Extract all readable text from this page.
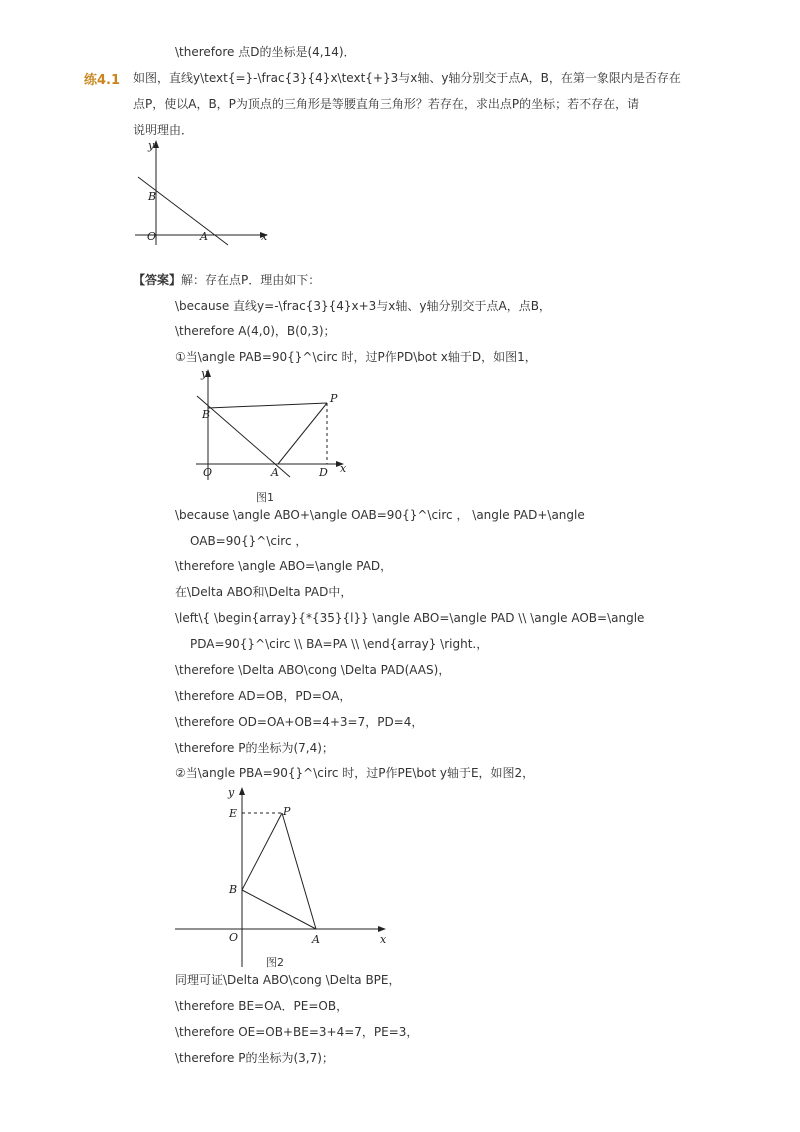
\therefore 点D的坐标是(4,14)．
练4.1 如图，直线y\text{=}-\frac{3}{4}x\text{+}3与x轴、y轴分别交于点A，B，在第一象限内是否存在
点P，使以A，B，P为顶点的三角形是等腰直角三角形？若存在，求出点P的坐标；若不存在，请
说明理由．
y
x
O
B
A
【答案】解：存在点P．理由如下：
\because 直线y=-\frac{3}{4}x+3与x轴、y轴分别交于点A，点B，
\therefore A(4,0)，B(0,3)；
①当\angle PAB=90{}^\circ 时，过P作PD\bot x轴于D，如图1，
y
x
O
B
A	D
P
图1
\because \angle ABO+\angle OAB=90{}^\circ ， \angle PAD+\angle
OAB=90{}^\circ ，
\therefore \angle ABO=\angle PAD，
在\Delta ABO和\Delta PAD中，
\left\{ \begin{array}{*{35}{l}} \angle ABO=\angle PAD \\ \angle AOB=\angle
PDA=90{}^\circ \\ BA=PA \\ \end{array} \right.，
\therefore \Delta ABO\cong \Delta PAD(AAS)，
\therefore AD=OB，PD=OA，
\therefore OD=OA+OB=4+3=7，PD=4，
\therefore P的坐标为(7,4)；
②当\angle PBA=90{}^\circ 时，过P作PE\bot y轴于E，如图2，
y
x
O
B
E
A
P
图2
同理可证\Delta ABO\cong \Delta BPE，
\therefore BE=OA．PE=OB，
\therefore OE=OB+BE=3+4=7，PE=3，
\therefore P的坐标为(3,7)；
